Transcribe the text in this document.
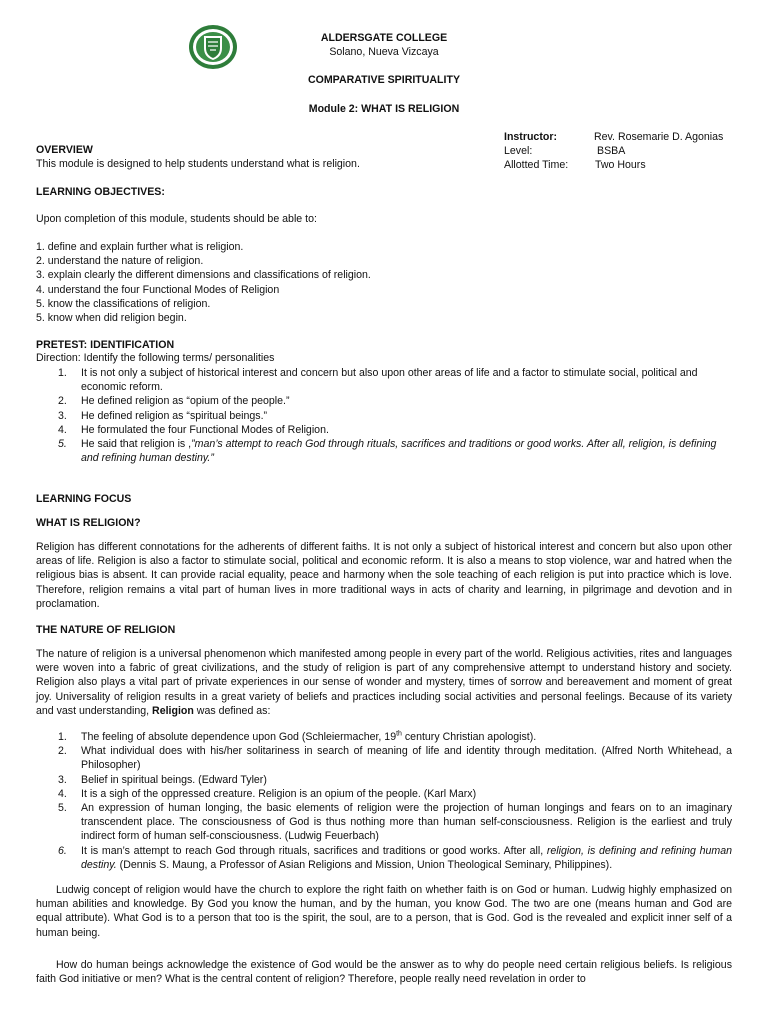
ALDERSGATE COLLEGE
Solano, Nueva Vizcaya
COMPARATIVE SPIRITUALITY
Module 2: WHAT IS RELIGION
Instructor:	Rev. Rosemarie D. Agonias
Level:	BSBA
Allotted Time:	Two Hours
OVERVIEW
This module is designed to help students understand what is religion.
LEARNING OBJECTIVES:
Upon completion of this module, students should be able to:
1. define and explain further what is religion.
2. understand the nature of religion.
3. explain clearly the different dimensions and classifications of religion.
4. understand the four Functional Modes of Religion
5. know the classifications of religion.
5. know when did religion begin.
PRETEST: IDENTIFICATION
Direction: Identify the following terms/ personalities
1. It is not only a subject of historical interest and concern but also upon other areas of life and a factor to stimulate social, political and economic reform.
2. He defined religion as “opium of the people.”
3. He defined religion as “spiritual beings.”
4. He formulated the four Functional Modes of Religion.
5. He said that religion is ,”man’s attempt to reach God through rituals, sacrifices and traditions or good works. After all, religion, is defining and refining human destiny.”
LEARNING FOCUS
WHAT IS RELIGION?
Religion has different connotations for the adherents of different faiths. It is not only a subject of historical interest and concern but also upon other areas of life. Religion is also a factor to stimulate social, political and economic reform. It is also a means to stop violence, war and hatred when the religious bias is absent. It can provide racial equality, peace and harmony when the sole teaching of each religion is put into practice which is love. Therefore, religion remains a vital part of human lives in more traditional ways in acts of charity and learning, in pilgrimage and devotion and in proclamation.
THE NATURE OF RELIGION
The nature of religion is a universal phenomenon which manifested among people in every part of the world. Religious activities, rites and languages were woven into a fabric of great civilizations, and the study of religion is part of any comprehensive attempt to understand history and society. Religion also plays a vital part of private experiences in our sense of wonder and mystery, times of sorrow and bereavement and moment of great joy. Universality of religion results in a great variety of beliefs and practices including social activities and personal feelings. Because of its variety and vast understanding, Religion was defined as:
1. The feeling of absolute dependence upon God (Schleiermacher, 19th century Christian apologist).
2. What individual does with his/her solitariness in search of meaning of life and identity through meditation. (Alfred North Whitehead, a Philosopher)
3. Belief in spiritual beings. (Edward Tyler)
4. It is a sigh of the oppressed creature. Religion is an opium of the people. (Karl Marx)
5. An expression of human longing, the basic elements of religion were the projection of human longings and fears on to an imaginary transcendent place. The consciousness of God is thus nothing more than human self-consciousness. Religion is the earliest and truly indirect form of human self-consciousness. (Ludwig Feuerbach)
6. It is man’s attempt to reach God through rituals, sacrifices and traditions or good works. After all, religion, is defining and refining human destiny. (Dennis S. Maung, a Professor of Asian Religions and Mission, Union Theological Seminary, Philippines).
Ludwig concept of religion would have the church to explore the right faith on whether faith is on God or human. Ludwig highly emphasized on human abilities and knowledge. By God you know the human, and by the human, you know God. The two are one (means human and God are equal attribute). What God is to a person that too is the spirit, the soul, are to a person, that is God. God is the revealed and explicit inner self of a human being.
How do human beings acknowledge the existence of God would be the answer as to why do people need certain religious beliefs. Is religious faith God initiative or men? What is the central content of religion? Therefore, people really need revelation in order to
